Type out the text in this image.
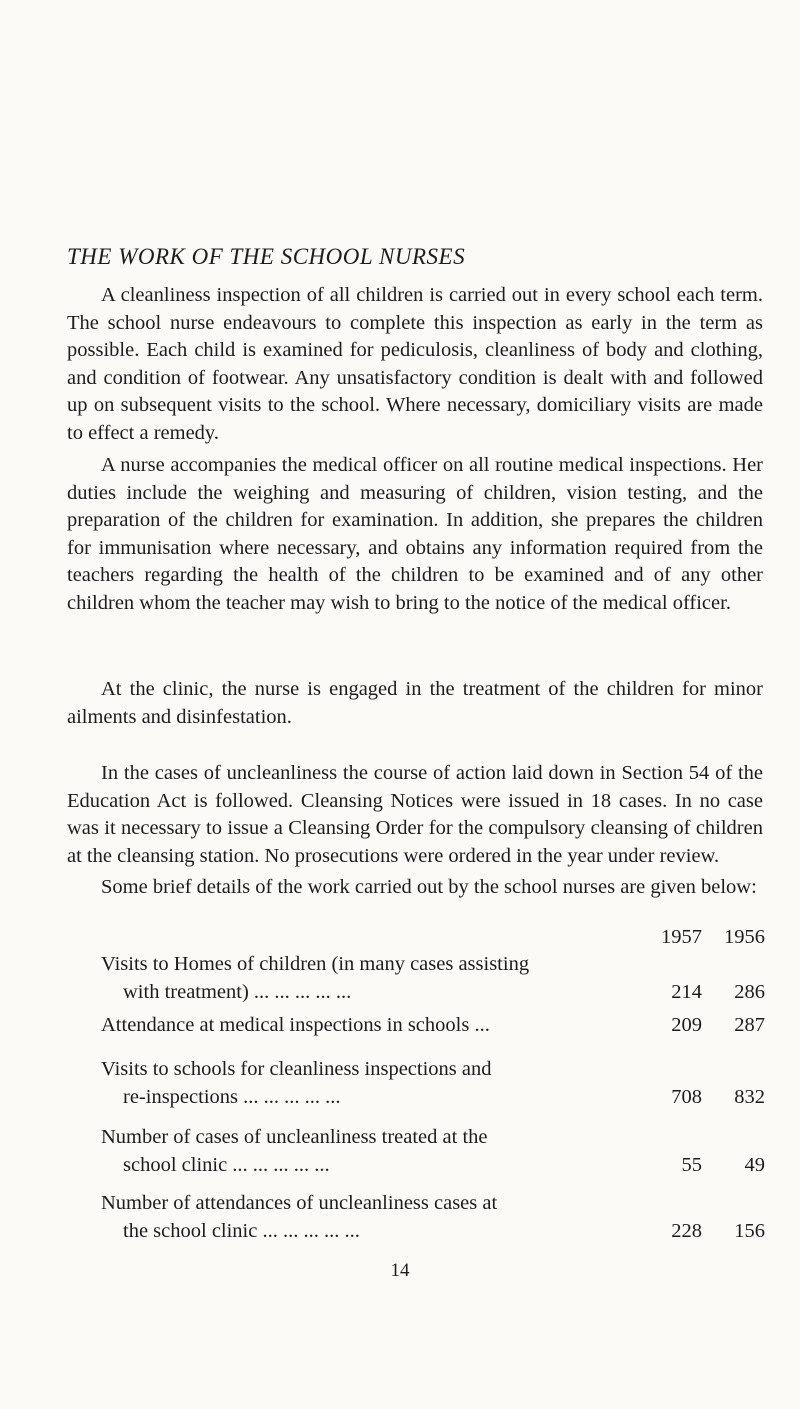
THE WORK OF THE SCHOOL NURSES

A cleanliness inspection of all children is carried out in every school each term. The school nurse endeavours to complete this inspection as early in the term as possible. Each child is examined for pediculosis, cleanliness of body and clothing, and condition of footwear. Any unsatisfactory condition is dealt with and followed up on subsequent visits to the school. Where necessary, domiciliary visits are made to effect a remedy.

A nurse accompanies the medical officer on all routine medical inspections. Her duties include the weighing and measuring of children, vision testing, and the preparation of the children for examination. In addition, she prepares the children for immunisation where necessary, and obtains any information required from the teachers regarding the health of the children to be examined and of any other children whom the teacher may wish to bring to the notice of the medical officer.

At the clinic, the nurse is engaged in the treatment of the children for minor ailments and disinfestation.

In the cases of uncleanliness the course of action laid down in Section 54 of the Education Act is followed. Cleansing Notices were issued in 18 cases. In no case was it necessary to issue a Cleansing Order for the compulsory cleansing of children at the cleansing station. No prosecutions were ordered in the year under review.

Some brief details of the work carried out by the school nurses are given below:

1957	1956
Visits to Homes of children (in many cases assisting
with treatment) ... ... ... ... ...	214	286
Attendance at medical inspections in schools ...	209	287
Visits to schools for cleanliness inspections and
re-inspections ... ... ... ... ...	708	832
Number of cases of uncleanliness treated at the
school clinic ... ... ... ... ...	55	49
Number of attendances of uncleanliness cases at
the school clinic ... ... ... ... ...	228	156
14
